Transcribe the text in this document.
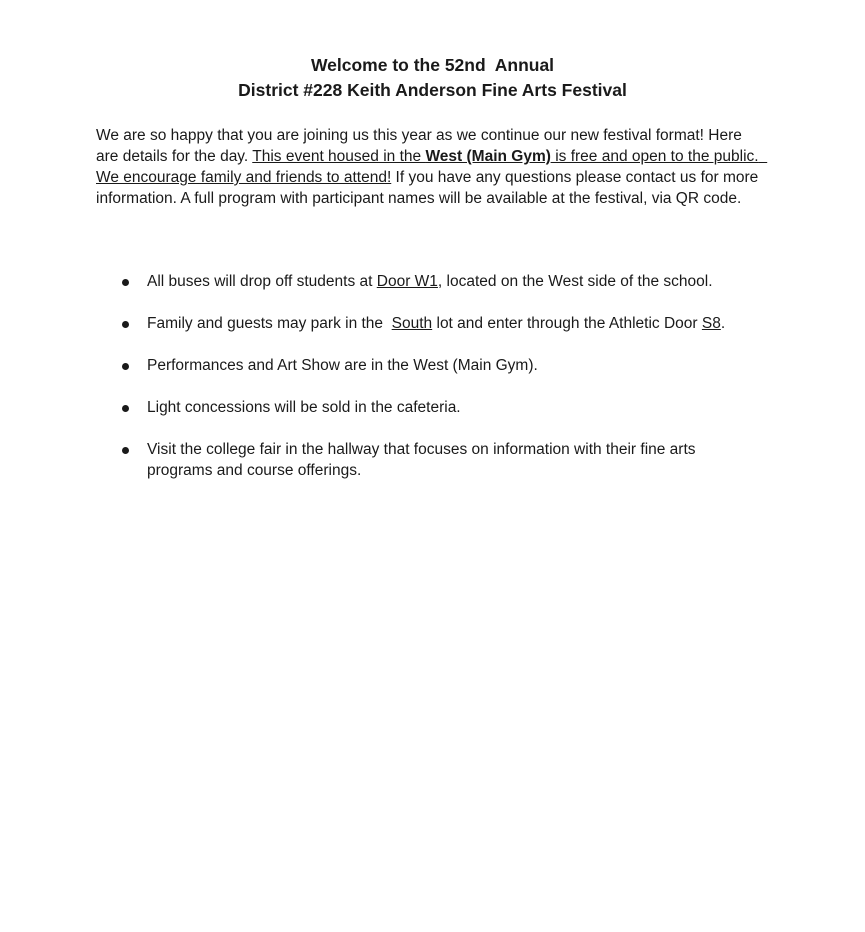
Welcome to the 52nd  Annual
District #228 Keith Anderson Fine Arts Festival

We are so happy that you are joining us this year as we continue our new festival format! Here are details for the day. This event housed in the West (Main Gym) is free and open to the public.  We encourage family and friends to attend! If you have any questions please contact us for more information. A full program with participant names will be available at the festival, via QR code.

All buses will drop off students at Door W1, located on the West side of the school.
Family and guests may park in the  South lot and enter through the Athletic Door S8.
Performances and Art Show are in the West (Main Gym).
Light concessions will be sold in the cafeteria.
Visit the college fair in the hallway that focuses on information with their fine arts programs and course offerings.
